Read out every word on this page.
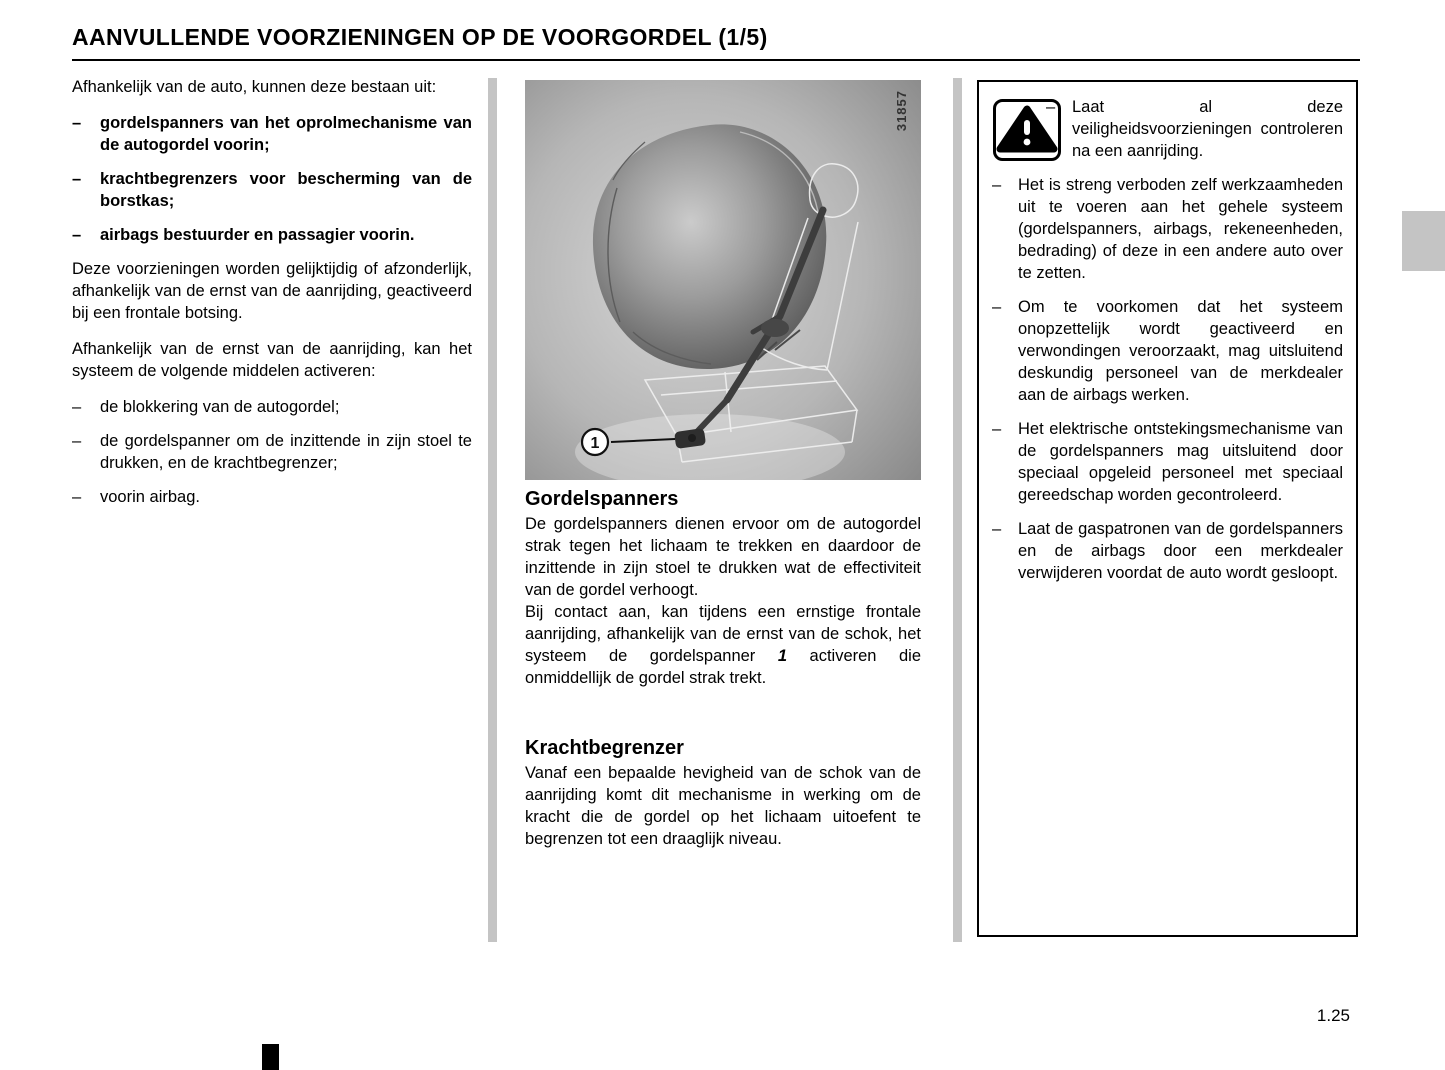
AANVULLENDE VOORZIENINGEN OP DE VOORGORDEL (1/5)

Afhankelijk van de auto, kunnen deze bestaan uit:

– gordelspanners van het oprolmechanisme van de autogordel voorin;
– krachtbegrenzers voor bescherming van de borstkas;
– airbags bestuurder en passagier voorin.

Deze voorzieningen worden gelijktijdig of afzonderlijk, afhankelijk van de ernst van de aanrijding, geactiveerd bij een frontale botsing.

Afhankelijk van de ernst van de aanrijding, kan het systeem de volgende middelen activeren:

– de blokkering van de autogordel;
– de gordelspanner om de inzittende in zijn stoel te drukken, en de krachtbegrenzer;
– voorin airbag.
1
31857
Gordelspanners

De gordelspanners dienen ervoor om de autogordel strak tegen het lichaam te trekken en daardoor de inzittende in zijn stoel te drukken wat de effectiviteit van de gordel verhoogt.

Bij contact aan, kan tijdens een ernstige frontale aanrijding, afhankelijk van de ernst van de schok, het systeem de gordelspanner 1 activeren die onmiddellijk de gordel strak trekt.

Krachtbegrenzer

Vanaf een bepaalde hevigheid van de schok van de aanrijding komt dit mechanisme in werking om de kracht die de gordel op het lichaam uitoefent te begrenzen tot een draaglijk niveau.

– Laat al deze veiligheidsvoorzieningen controleren na een aanrijding.

– Het is streng verboden zelf werkzaamheden uit te voeren aan het gehele systeem (gordelspanners, airbags, rekeneenheden, bedrading) of deze in een andere auto over te zetten.

– Om te voorkomen dat het systeem onopzettelijk wordt geactiveerd en verwondingen veroorzaakt, mag uitsluitend deskundig personeel van de merkdealer aan de airbags werken.

– Het elektrische ontstekingsmechanisme van de gordelspanners mag uitsluitend door speciaal opgeleid personeel met speciaal gereedschap worden gecontroleerd.

– Laat de gaspatronen van de gordelspanners en de airbags door een merkdealer verwijderen voordat de auto wordt gesloopt.

1.25
